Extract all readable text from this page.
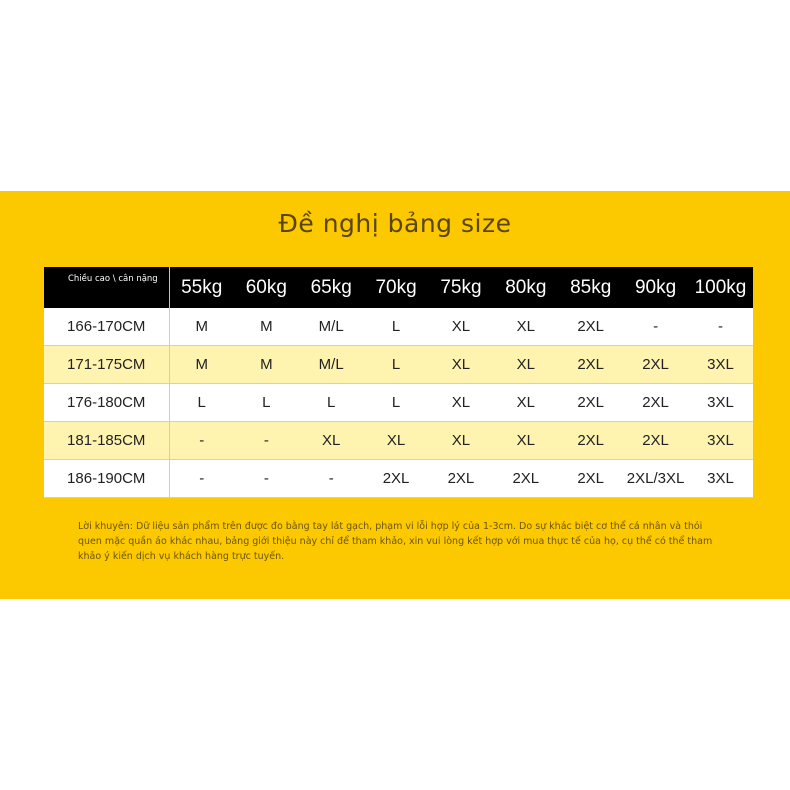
Đề nghị bảng size
Chiều cao \ cân nặng	55kg	60kg	65kg	70kg	75kg	80kg	85kg	90kg	100kg
166-170CM	M	M	M/L	L	XL	XL	2XL	-	-
171-175CM	M	M	M/L	L	XL	XL	2XL	2XL	3XL
176-180CM	L	L	L	L	XL	XL	2XL	2XL	3XL
181-185CM	-	-	XL	XL	XL	XL	2XL	2XL	3XL
186-190CM	-	-	-	2XL	2XL	2XL	2XL	2XL/3XL	3XL
Lời khuyên: Dữ liệu sản phẩm trên được đo bằng tay lát gạch, phạm vi lỗi hợp lý của 1-3cm. Do sự khác biệt cơ thể cá nhân và thói quen mặc quần áo khác nhau, bảng giới thiệu này chỉ để tham khảo, xin vui lòng kết hợp với mua thực tế của họ, cụ thể có thể tham khảo ý kiến dịch vụ khách hàng trực tuyến.
